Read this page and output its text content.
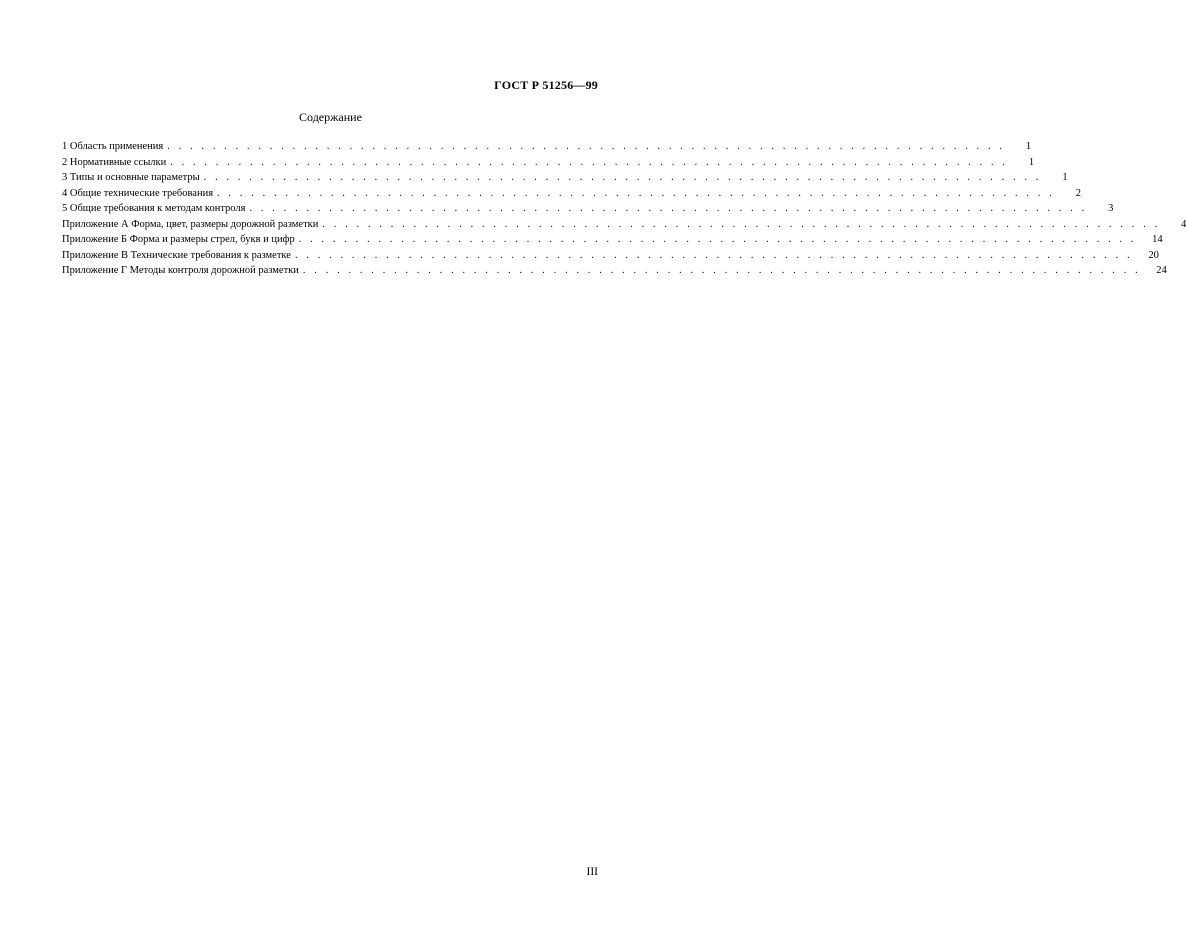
ГОСТ Р 51256—99
Содержание
1 Область применения . . . . . . . . . . . . . . . . . . . . . . . . . . . . . . . . . . . . . . . . . . . . . . . . . . . . . . . . . . . . . . . . . . . . . . . . . .	1
2 Нормативные ссылки . . . . . . . . . . . . . . . . . . . . . . . . . . . . . . . . . . . . . . . . . . . . . . . . . . . . . . . . . . . . . . . . . . . . . . . . . .	1
3 Типы и основные параметры . . . . . . . . . . . . . . . . . . . . . . . . . . . . . . . . . . . . . . . . . . . . . . . . . . . . . . . . . . . . . . . . . . . . . . . . . .	1
4 Общие технические требования . . . . . . . . . . . . . . . . . . . . . . . . . . . . . . . . . . . . . . . . . . . . . . . . . . . . . . . . . . . . . . . . . . . . . . . . . .	2
5 Общие требования к методам контроля . . . . . . . . . . . . . . . . . . . . . . . . . . . . . . . . . . . . . . . . . . . . . . . . . . . . . . . . . . . . . . . . . . . . . . . . . .	3
Приложение А Форма, цвет, размеры дорожной разметки . . . . . . . . . . . . . . . . . . . . . . . . . . . . . . . . . . . . . . . . . . . . . . . . . . . . . . . . . . . . . . . . . . . . . . . . . .	4
Приложение Б Форма и размеры стрел, букв и цифр . . . . . . . . . . . . . . . . . . . . . . . . . . . . . . . . . . . . . . . . . . . . . . . . . . . . . . . . . . . . . . . . . . . . . . . . . .	14
Приложение В Технические требования к разметке . . . . . . . . . . . . . . . . . . . . . . . . . . . . . . . . . . . . . . . . . . . . . . . . . . . . . . . . . . . . . . . . . . . . . . . . . .	20
Приложение Г Методы контроля дорожной разметки . . . . . . . . . . . . . . . . . . . . . . . . . . . . . . . . . . . . . . . . . . . . . . . . . . . . . . . . . . . . . . . . . . . . . . . . . .	24
III
